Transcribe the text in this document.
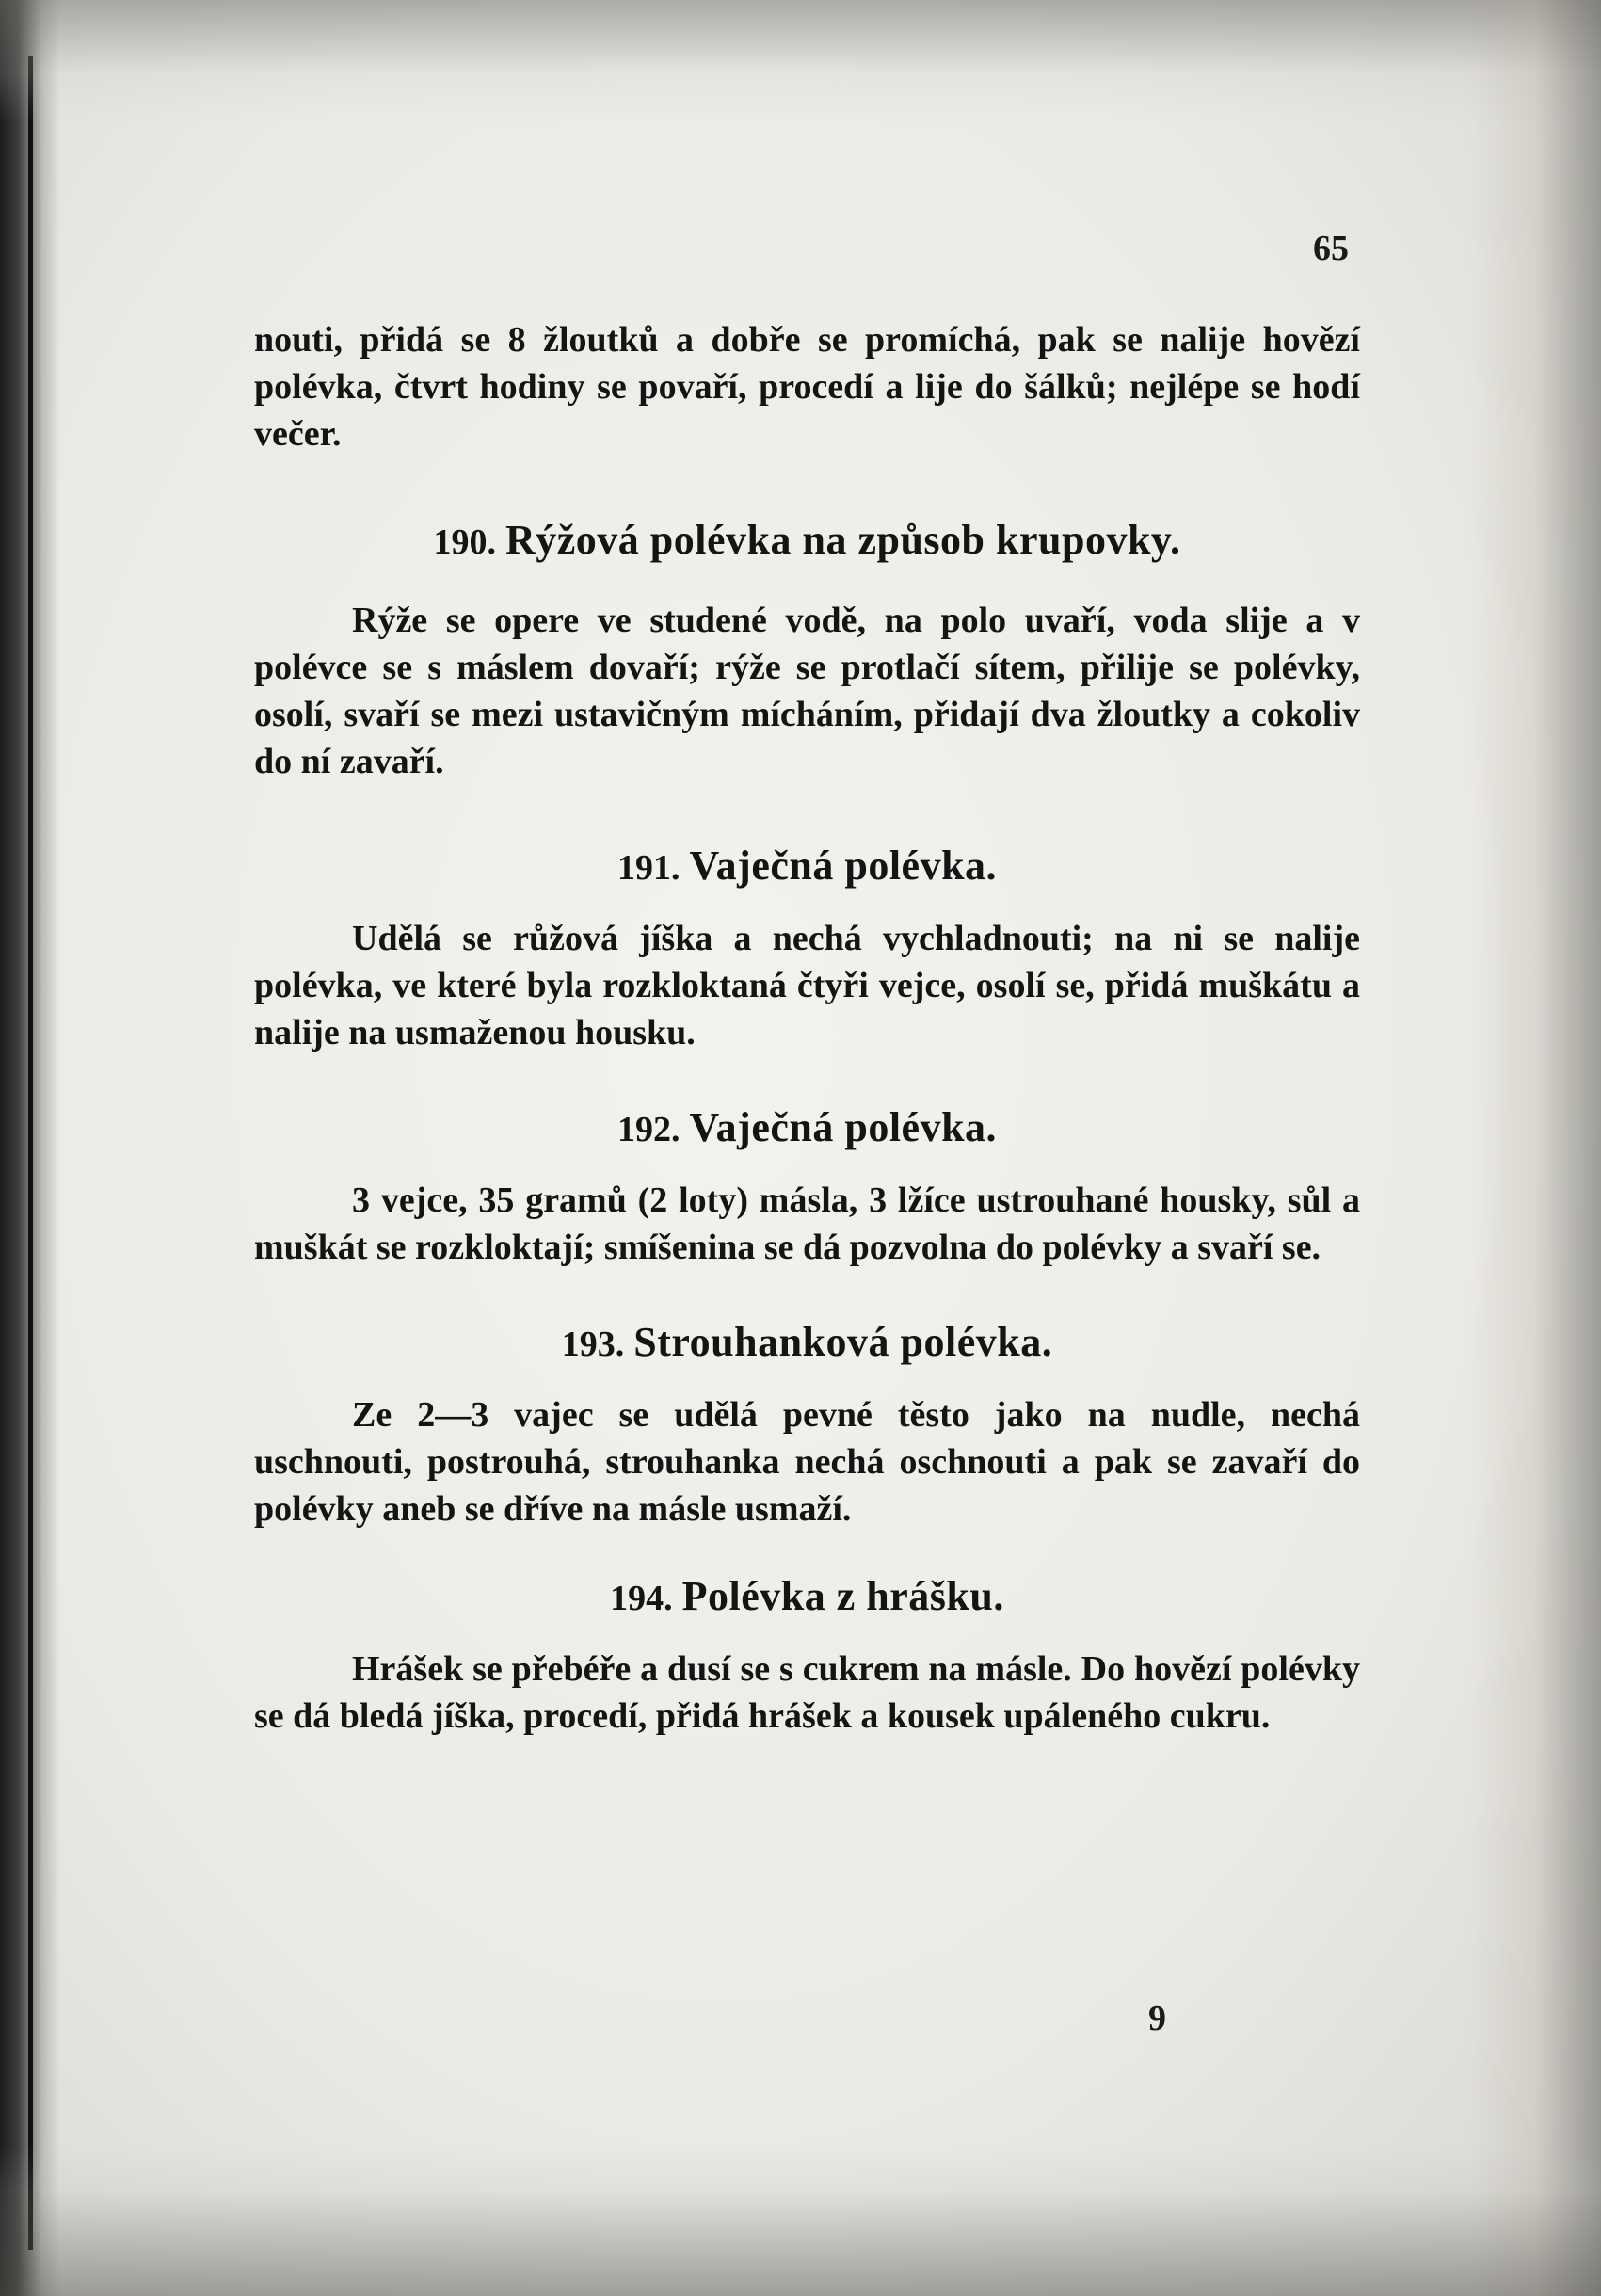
65

nouti, přidá se 8 žloutků a dobře se promíchá, pak se nalije hovězí polévka, čtvrt hodiny se povaří, procedí a lije do šálků; nejlépe se hodí večer.

190. Rýžová polévka na způsob krupovky.

Rýže se opere ve studené vodě, na polo uvaří, voda slije a v polévce se s máslem dovaří; rýže se protlačí sítem, přilije se polévky, osolí, svaří se mezi ustavičným mícháním, přidají dva žloutky a cokoliv do ní zavaří.

191. Vaječná polévka.

Udělá se růžová jíška a nechá vychladnouti; na ni se nalije polévka, ve které byla rozkloktaná čtyři vejce, osolí se, přidá muškátu a nalije na usmaženou housku.

192. Vaječná polévka.

3 vejce, 35 gramů (2 loty) másla, 3 lžíce ustrouhané housky, sůl a muškát se rozkloktají; smíšenina se dá pozvolna do polévky a svaří se.

193. Strouhanková polévka.

Ze 2—3 vajec se udělá pevné těsto jako na nudle, nechá uschnouti, postrouhá, strouhanka nechá oschnouti a pak se zavaří do polévky aneb se dříve na másle usmaží.

194. Polévka z hrášku.

Hrášek se přebéře a dusí se s cukrem na másle. Do hovězí polévky se dá bledá jíška, procedí, přidá hrášek a kousek upáleného cukru.

9
